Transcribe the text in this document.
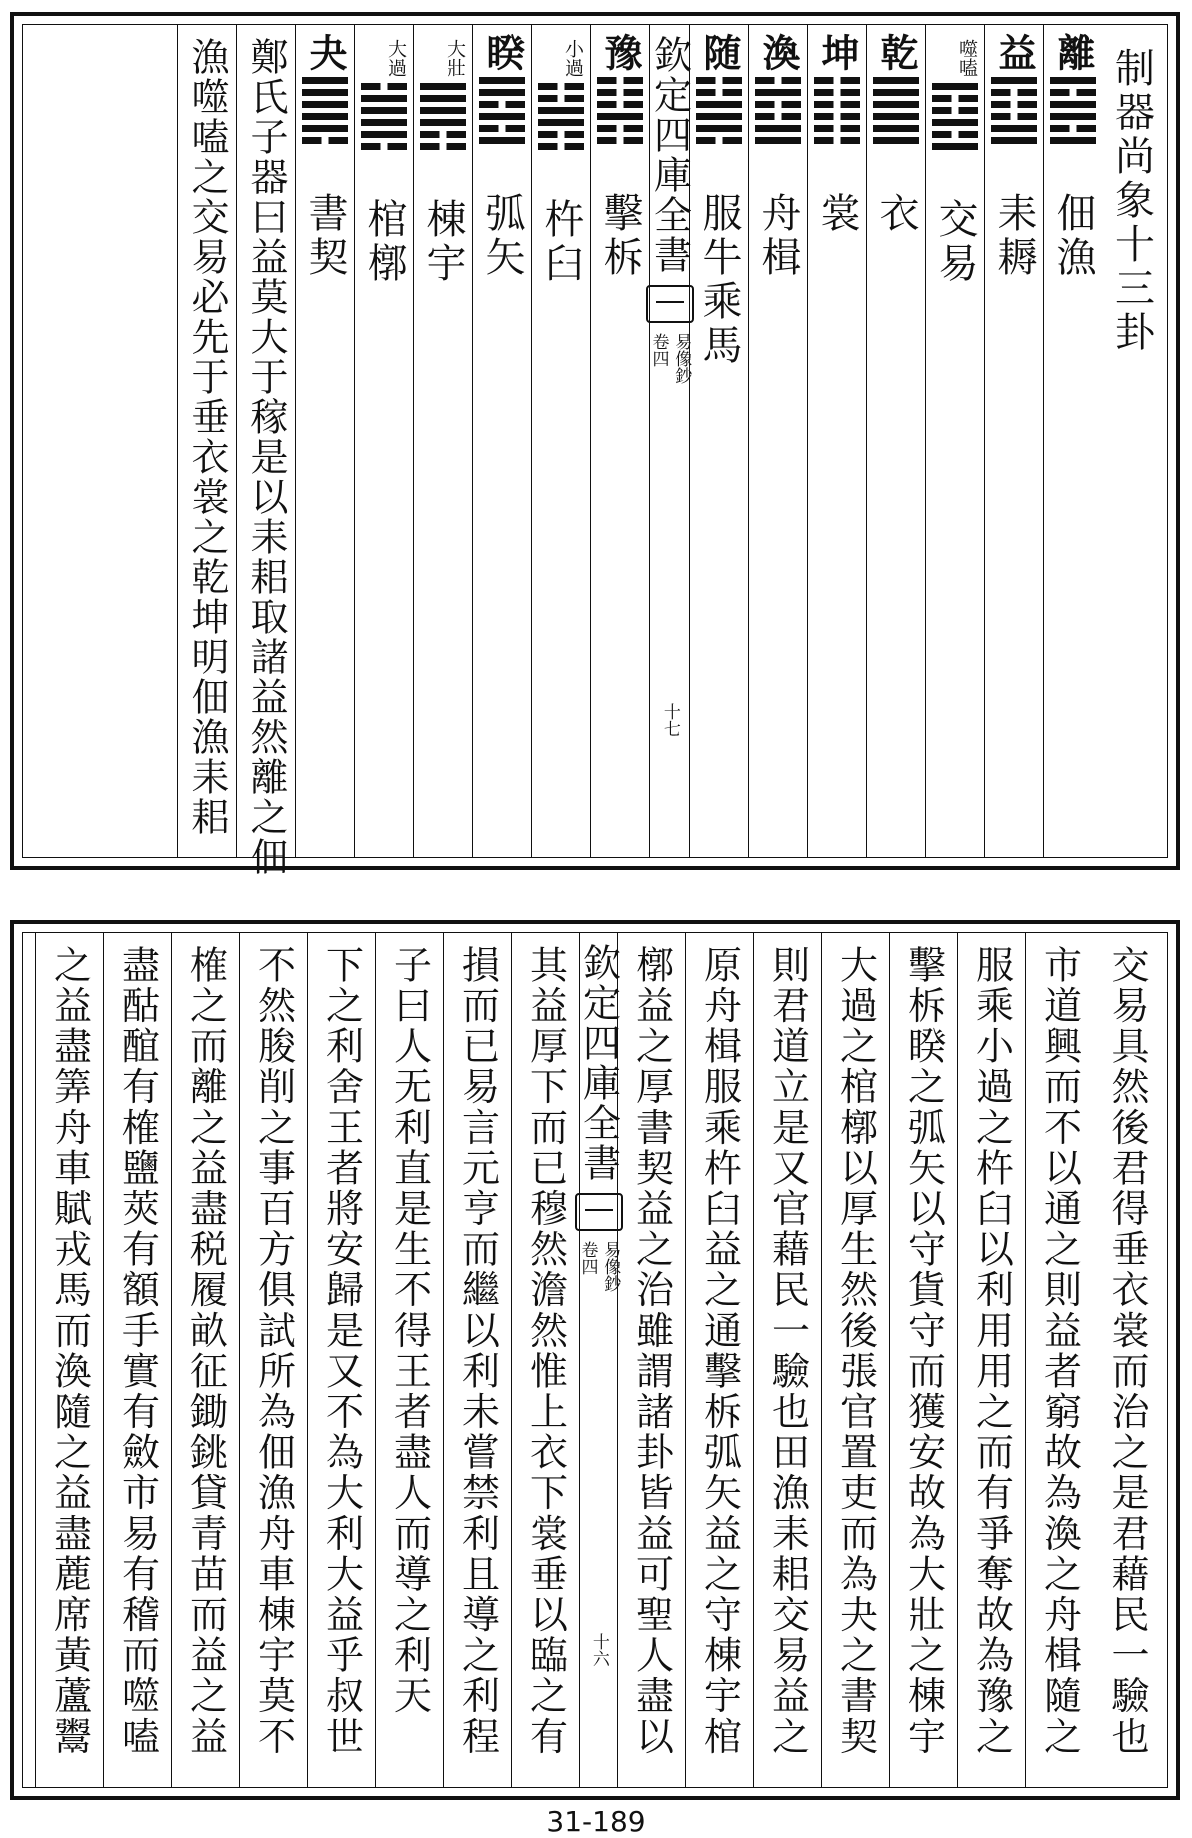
制器尚象十三卦
離
佃漁
益
耒耨
噬嗑
交易
乾
衣
坤
裳
渙
舟楫
随
服牛乘馬
欽定四庫全書
卷四 易像鈔
十七
豫
擊柝
小過
杵臼
睽
弧矢
大壯
棟宇
大過
棺槨
夬
書契
鄭氏子器曰益莫大于稼是以耒耜取諸益然離之佃
漁噬嗑之交易必先于垂衣裳之乾坤明佃漁耒耜
交易具然後君得垂衣裳而治之是君藉民一驗也
市道興而不以通之則益者窮故為渙之舟楫隨之
服乘小過之杵臼以利用用之而有爭奪故為豫之
擊柝睽之弧矢以守貨守而獲安故為大壯之棟宇
大過之棺槨以厚生然後張官置吏而為夬之書契
則君道立是又官藉民一驗也田漁耒耜交易益之
原舟楫服乘杵臼益之通擊柝弧矢益之守棟宇棺
槨益之厚書契益之治雖謂諸卦皆益可聖人盡以
欽定四庫全書
卷四 易像鈔
十六
其益厚下而已穆然澹然惟上衣下裳垂以臨之有
損而已易言元亨而繼以利未嘗禁利且導之利程
子曰人无利直是生不得王者盡人而導之利天
下之利舍王者將安歸是又不為大利大益乎叔世
不然朘削之事百方俱試所為佃漁舟車棟宇莫不
榷之而離之益盡税履畝征鋤銚貸青苗而益之益
盡酤䣾有榷鹽莢有額手實有斂市易有稽而噬嗑
之益盡筭舟車賦戎馬而渙隨之益盡蔍席黃蘆鬻
31-189
